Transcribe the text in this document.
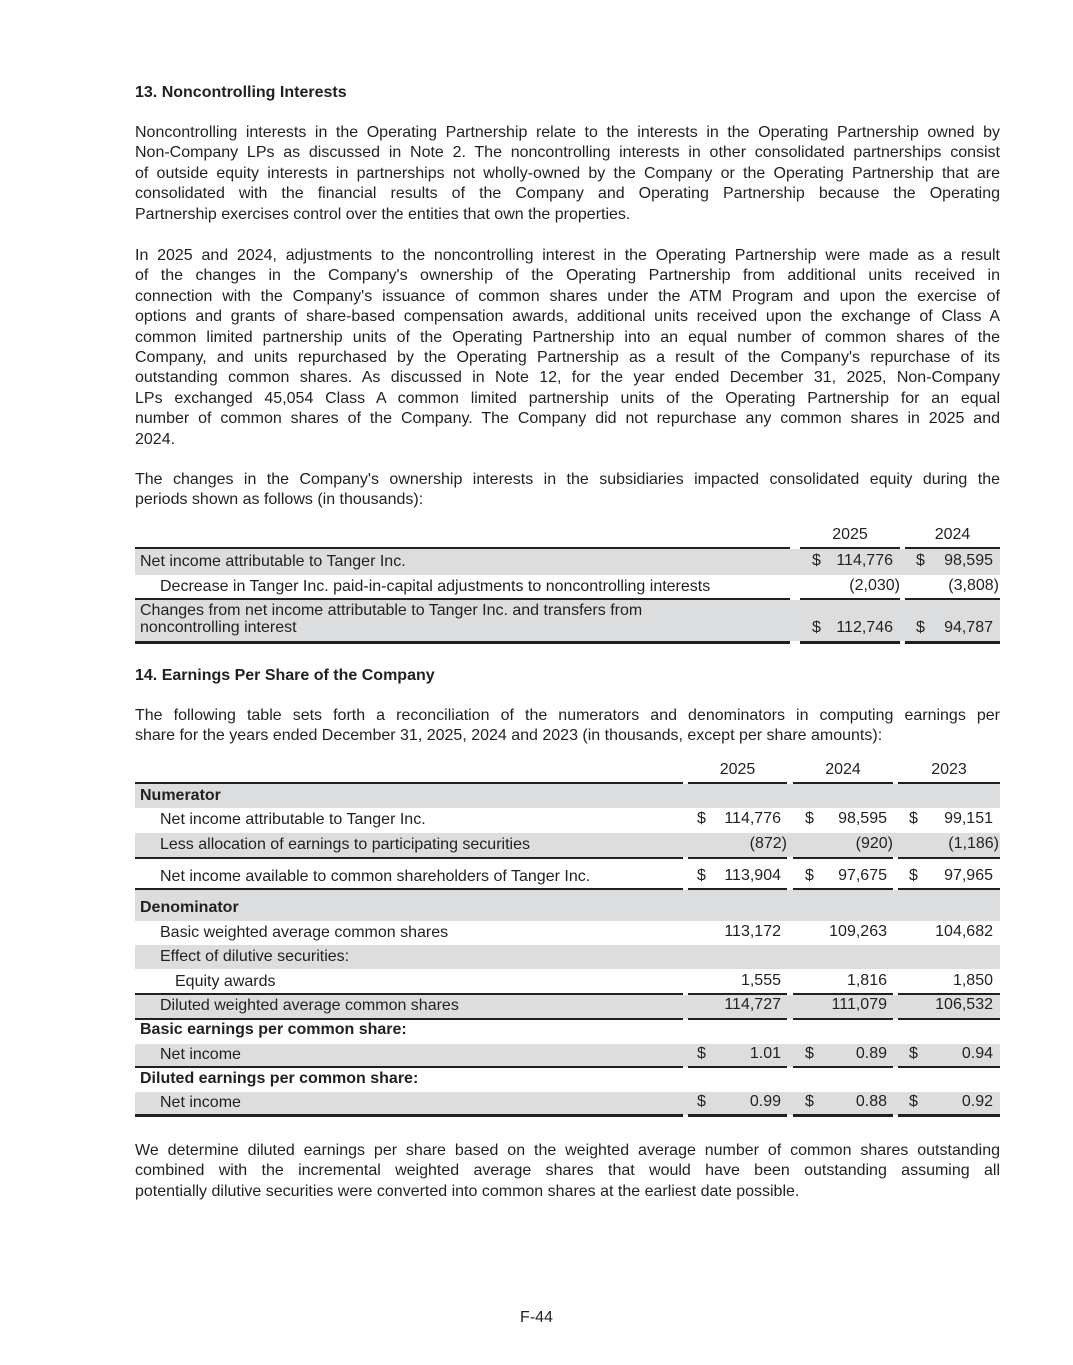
13. Noncontrolling Interests
Noncontrolling interests in the Operating Partnership relate to the interests in the Operating Partnership owned by
Non-Company LPs as discussed in Note 2. The noncontrolling interests in other consolidated partnerships consist
of outside equity interests in partnerships not wholly-owned by the Company or the Operating Partnership that are
consolidated with the financial results of the Company and Operating Partnership because the Operating
Partnership exercises control over the entities that own the properties.
In 2025 and 2024, adjustments to the noncontrolling interest in the Operating Partnership were made as a result
of the changes in the Company's ownership of the Operating Partnership from additional units received in
connection with the Company's issuance of common shares under the ATM Program and upon the exercise of
options and grants of share-based compensation awards, additional units received upon the exchange of Class A
common limited partnership units of the Operating Partnership into an equal number of common shares of the
Company, and units repurchased by the Operating Partnership as a result of the Company's repurchase of its
outstanding common shares. As discussed in Note 12, for the year ended December 31, 2025, Non-Company
LPs exchanged 45,054 Class A common limited partnership units of the Operating Partnership for an equal
number of common shares of the Company. The Company did not repurchase any common shares in 2025 and
2024.
The changes in the Company's ownership interests in the subsidiaries impacted consolidated equity during the
periods shown as follows (in thousands):
2025	2024
Net income attributable to Tanger Inc.	$ 114,776 $ 98,595
Decrease in Tanger Inc. paid-in-capital adjustments to noncontrolling interests	(2,030)	(3,808)
Changes from net income attributable to Tanger Inc. and transfers from
noncontrolling interest	$ 112,746 $ 94,787
14. Earnings Per Share of the Company
The following table sets forth a reconciliation of the numerators and denominators in computing earnings per
share for the years ended December 31, 2025, 2024 and 2023 (in thousands, except per share amounts):
2025	2024	2023
Numerator
Net income attributable to Tanger Inc.	$ 114,776 $ 98,595 $ 99,151
Less allocation of earnings to participating securities	(872)	(920)	(1,186)
Net income available to common shareholders of Tanger Inc.	$ 113,904 $ 97,675 $ 97,965
Denominator
Basic weighted average common shares	113,172	109,263	104,682
Effect of dilutive securities:
Equity awards	1,555	1,816	1,850
Diluted weighted average common shares	114,727	111,079	106,532
Basic earnings per common share:
Net income	$	1.01 $	0.89 $	0.94
Diluted earnings per common share:
Net income	$	0.99 $	0.88 $	0.92
We determine diluted earnings per share based on the weighted average number of common shares outstanding
combined with the incremental weighted average shares that would have been outstanding assuming all
potentially dilutive securities were converted into common shares at the earliest date possible.
F-44
